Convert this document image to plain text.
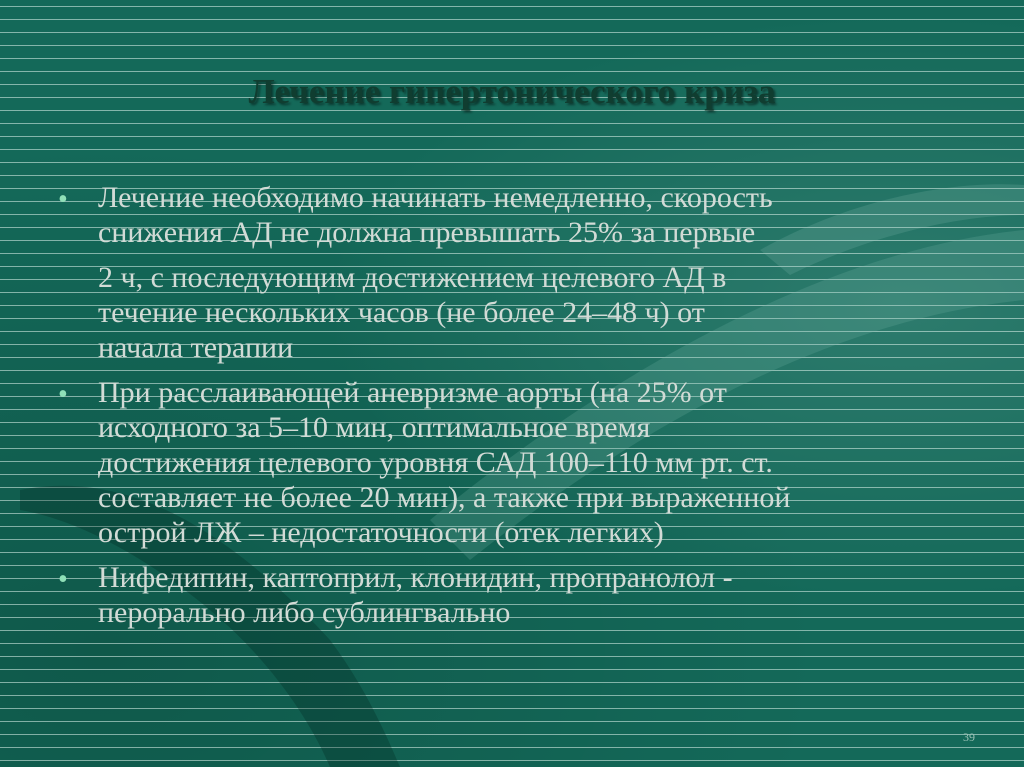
Лечение гипертонического криза
• Лечение необходимо начинать немедленно, скорость
снижения АД не должна превышать 25% за первые
2 ч, с последующим достижением целевого АД в
течение нескольких часов (не более 24–48 ч) от
начала терапии
• При расслаивающей аневризме аорты (на 25% от
исходного за 5–10 мин, оптимальное время
достижения целевого уровня САД 100–110 мм рт. ст.
составляет не более 20 мин), а также при выраженной
острой ЛЖ – недостаточности (отек легких)
• Нифедипин, каптоприл, клонидин, пропранолол -
перорально либо сублингвально
39
